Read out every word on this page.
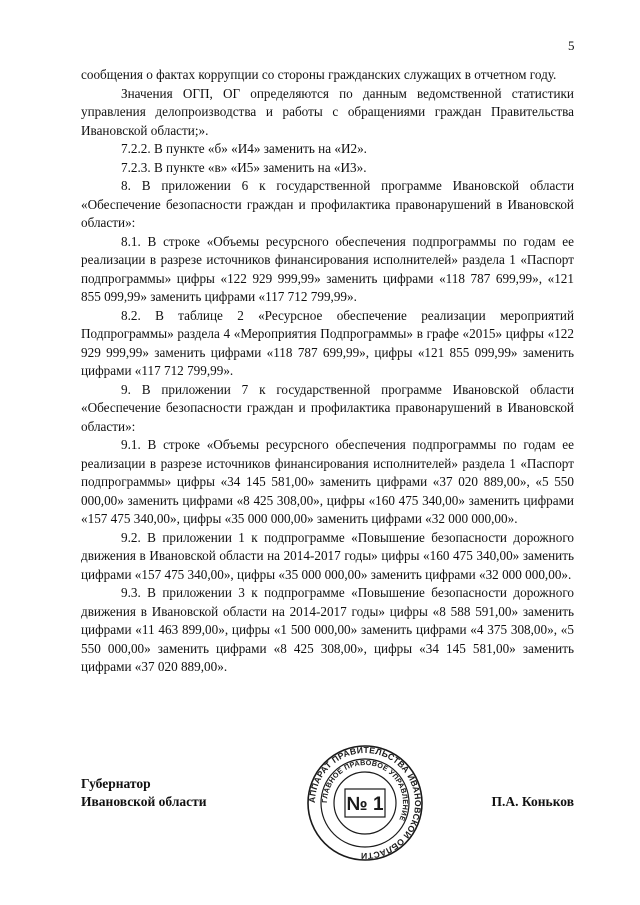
5

сообщения о фактах коррупции со стороны гражданских служащих в отчетном году.

Значения ОГП, ОГ определяются по данным ведомственной статистики управления делопроизводства и работы с обращениями граждан Правительства Ивановской области;».

7.2.2. В пункте «б» «И4» заменить на «И2».

7.2.3. В пункте «в» «И5» заменить на «И3».

8. В приложении 6 к государственной программе Ивановской области «Обеспечение безопасности граждан и профилактика правонарушений в Ивановской области»:

8.1. В строке «Объемы ресурсного обеспечения подпрограммы по годам ее реализации в разрезе источников финансирования исполнителей» раздела 1 «Паспорт подпрограммы» цифры «122 929 999,99» заменить цифрами «118 787 699,99», «121 855 099,99» заменить цифрами «117 712 799,99».

8.2. В таблице 2 «Ресурсное обеспечение реализации мероприятий Подпрограммы» раздела 4 «Мероприятия Подпрограммы» в графе «2015» цифры «122 929 999,99» заменить цифрами «118 787 699,99», цифры «121 855 099,99» заменить цифрами «117 712 799,99».

9. В приложении 7 к государственной программе Ивановской области «Обеспечение безопасности граждан и профилактика правонарушений в Ивановской области»:

9.1. В строке «Объемы ресурсного обеспечения подпрограммы по годам ее реализации в разрезе источников финансирования исполнителей» раздела 1 «Паспорт подпрограммы» цифры «34 145 581,00» заменить цифрами «37 020 889,00», «5 550 000,00» заменить цифрами «8 425 308,00», цифры «160 475 340,00» заменить цифрами «157 475 340,00», цифры «35 000 000,00» заменить цифрами «32 000 000,00».

9.2. В приложении 1 к подпрограмме «Повышение безопасности дорожного движения в Ивановской области на 2014-2017 годы» цифры «160 475 340,00» заменить цифрами «157 475 340,00», цифры «35 000 000,00» заменить цифрами «32 000 000,00».

9.3. В приложении 3 к подпрограмме «Повышение безопасности дорожного движения в Ивановской области на 2014-2017 годы» цифры «8 588 591,00» заменить цифрами «11 463 899,00», цифры «1 500 000,00» заменить цифрами «4 375 308,00», «5 550 000,00» заменить цифрами «8 425 308,00», цифры «34 145 581,00» заменить цифрами «37 020 889,00».

Губернатор
Ивановской области	АППАРАТ ПРАВИТЕЛЬСТВА ИВАНОВСКОЙ ОБЛАСТИ
ГЛАВНОЕ ПРАВОВОЕ УПРАВЛЕНИЕ
№ 1	П.А. Коньков
